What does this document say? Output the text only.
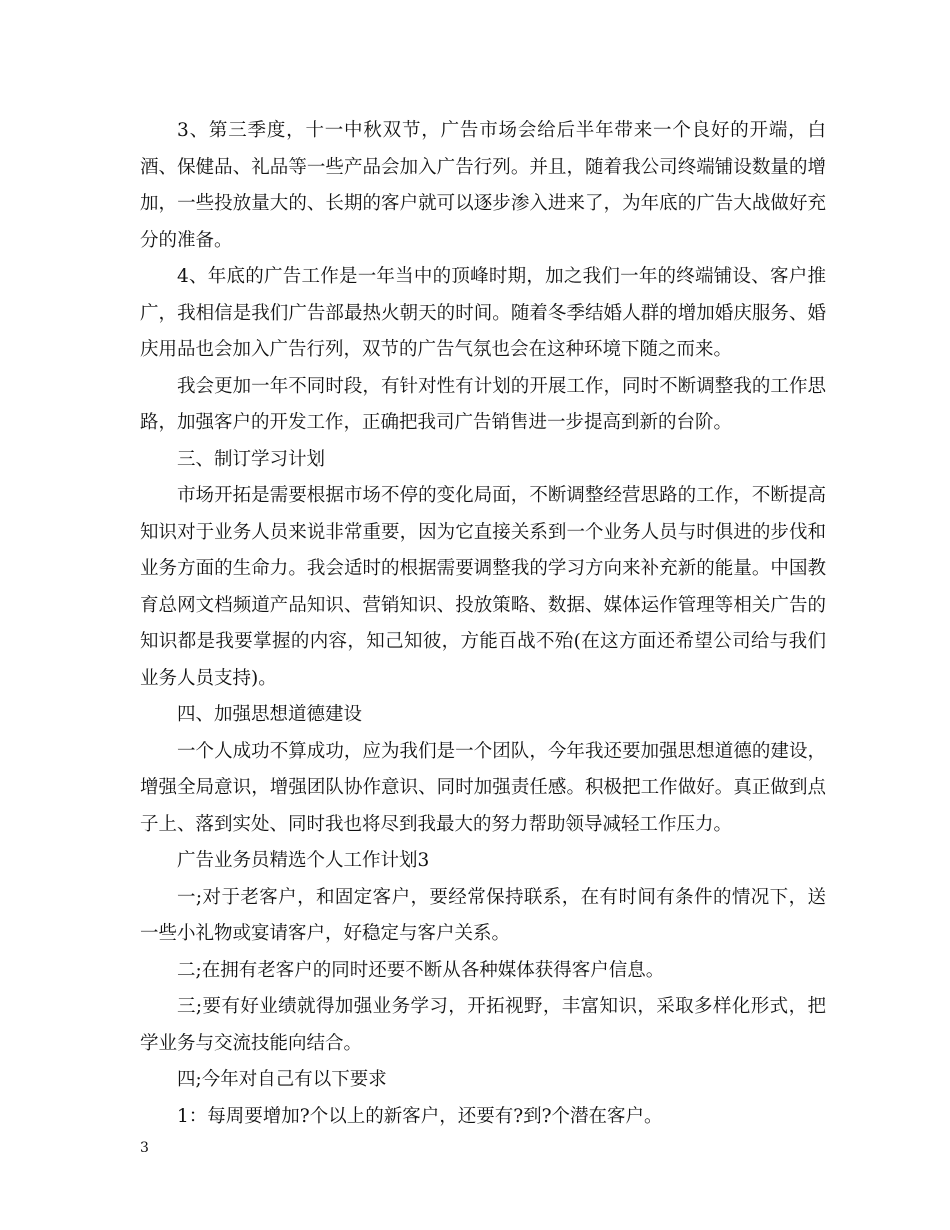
3、第三季度，十一中秋双节，广告市场会给后半年带来一个良好的开端，白酒、保健品、礼品等一些产品会加入广告行列。并且，随着我公司终端铺设数量的增加，一些投放量大的、长期的客户就可以逐步渗入进来了，为年底的广告大战做好充分的准备。

4、年底的广告工作是一年当中的顶峰时期，加之我们一年的终端铺设、客户推广，我相信是我们广告部最热火朝天的时间。随着冬季结婚人群的增加婚庆服务、婚庆用品也会加入广告行列，双节的广告气氛也会在这种环境下随之而来。

我会更加一年不同时段，有针对性有计划的开展工作，同时不断调整我的工作思路，加强客户的开发工作，正确把我司广告销售进一步提高到新的台阶。

三、制订学习计划

市场开拓是需要根据市场不停的变化局面，不断调整经营思路的工作，不断提高知识对于业务人员来说非常重要，因为它直接关系到一个业务人员与时俱进的步伐和业务方面的生命力。我会适时的根据需要调整我的学习方向来补充新的能量。中国教育总网文档频道产品知识、营销知识、投放策略、数据、媒体运作管理等相关广告的知识都是我要掌握的内容，知己知彼，方能百战不殆(在这方面还希望公司给与我们业务人员支持)。

四、加强思想道德建设

一个人成功不算成功，应为我们是一个团队，今年我还要加强思想道德的建设，增强全局意识，增强团队协作意识、同时加强责任感。积极把工作做好。真正做到点子上、落到实处、同时我也将尽到我最大的努力帮助领导减轻工作压力。

广告业务员精选个人工作计划3

一;对于老客户，和固定客户，要经常保持联系，在有时间有条件的情况下，送一些小礼物或宴请客户，好稳定与客户关系。

二;在拥有老客户的同时还要不断从各种媒体获得客户信息。

三;要有好业绩就得加强业务学习，开拓视野，丰富知识，采取多样化形式，把学业务与交流技能向结合。

四;今年对自己有以下要求

1：每周要增加?个以上的新客户，还要有?到?个潜在客户。

3
